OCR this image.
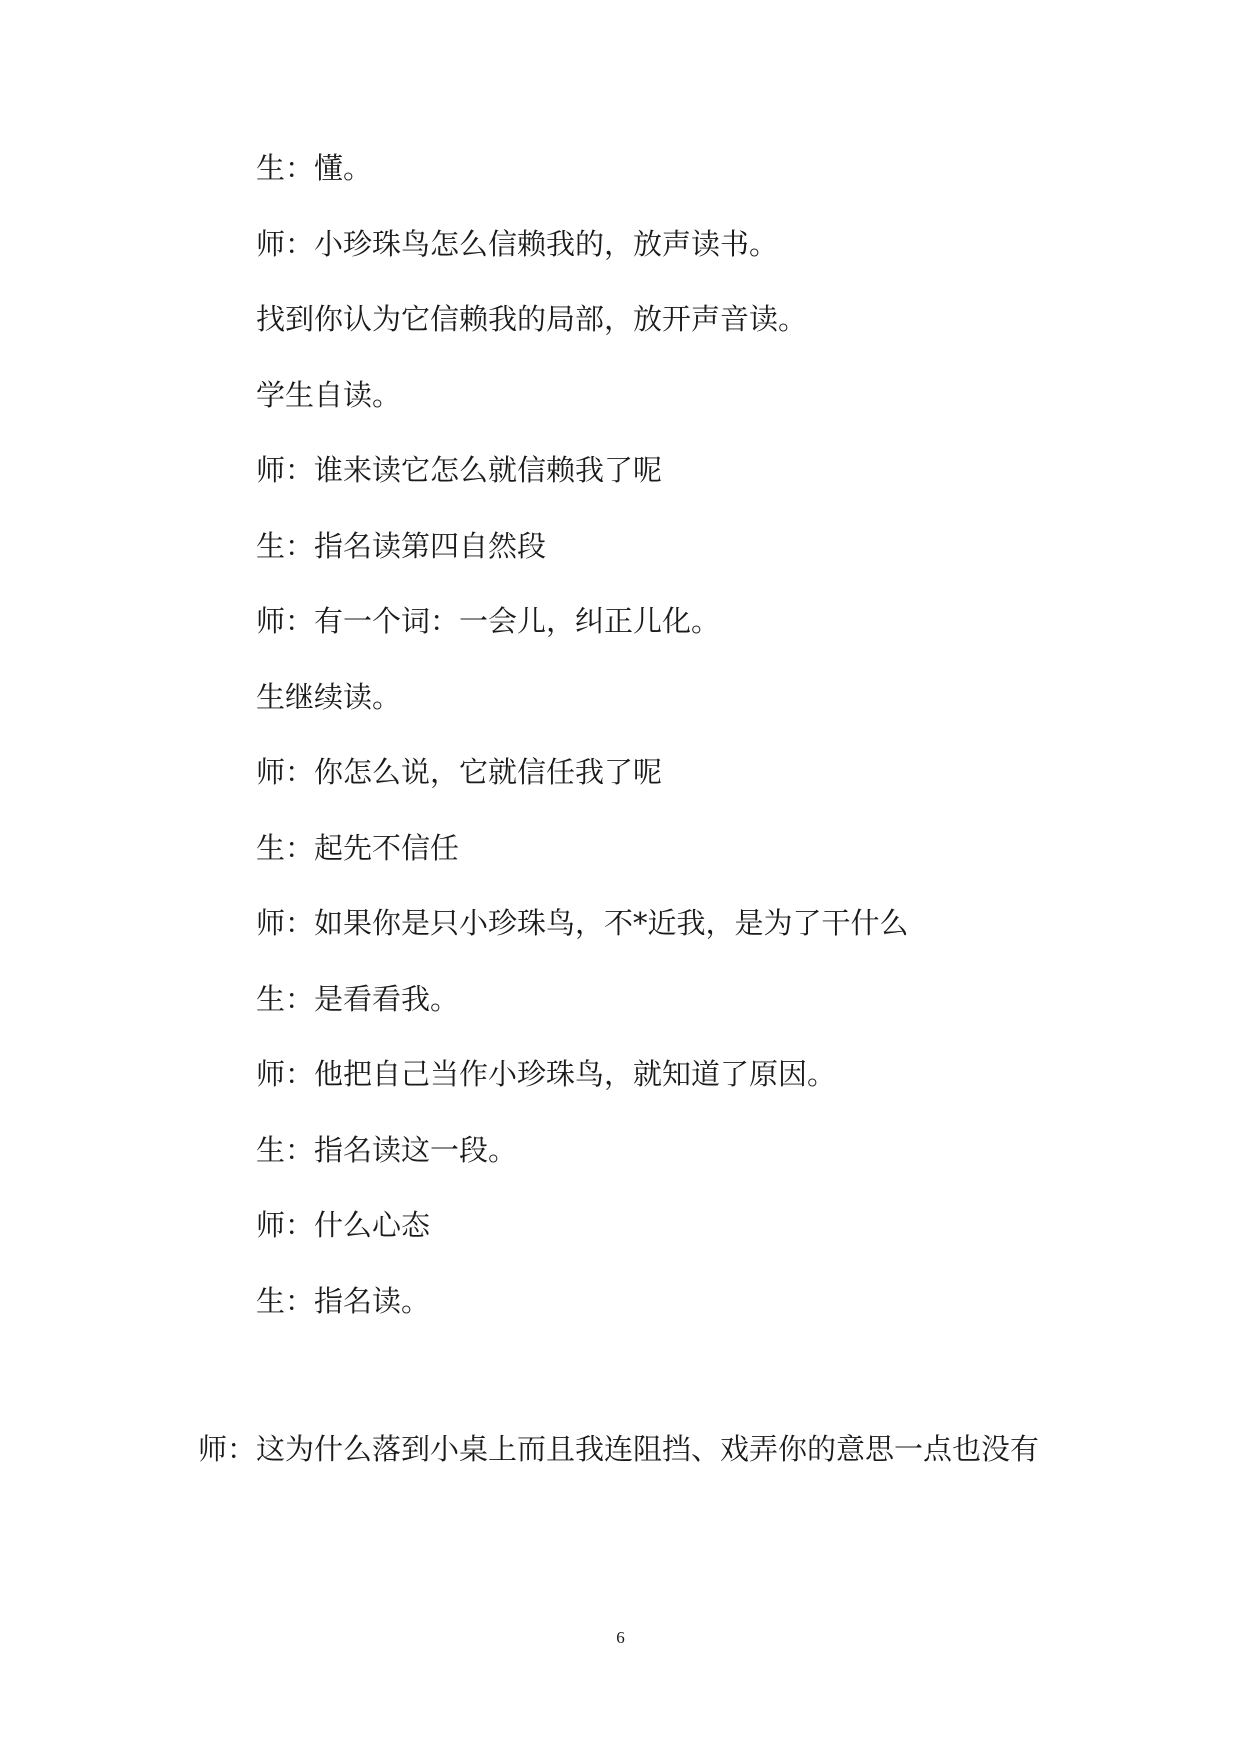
生：懂。
师：小珍珠鸟怎么信赖我的，放声读书。
找到你认为它信赖我的局部，放开声音读。
学生自读。
师：谁来读它怎么就信赖我了呢
生：指名读第四自然段
师：有一个词：一会儿，纠正儿化。
生继续读。
师：你怎么说，它就信任我了呢
生：起先不信任
师：如果你是只小珍珠鸟，不*近我，是为了干什么
生：是看看我。
师：他把自己当作小珍珠鸟，就知道了原因。
生：指名读这一段。
师：什么心态
生：指名读。
师：这为什么落到小桌上而且我连阻挡、戏弄你的意思一点也没有
6
